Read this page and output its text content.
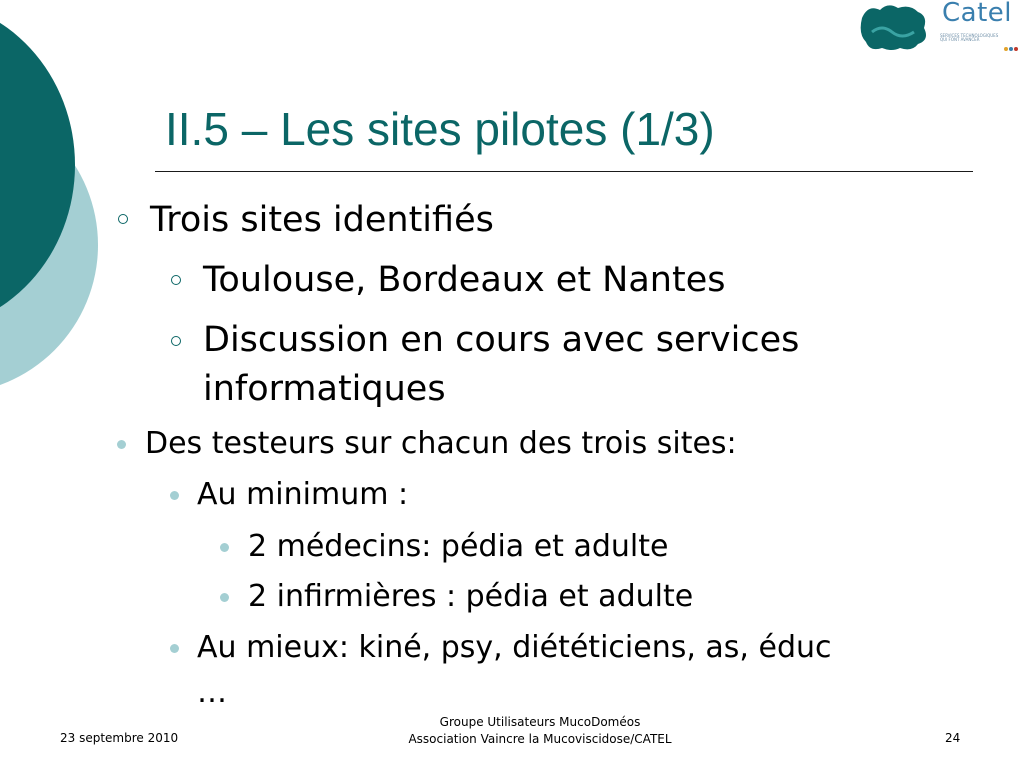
Catel
SERVICES TECHNOLOGIQUES QUI FONT AVANCER
II.5 – Les sites pilotes (1/3)
Trois sites identifiés
Toulouse, Bordeaux et Nantes
Discussion en cours avec services
informatiques
Des testeurs sur chacun des trois sites:
Au minimum :
2 médecins: pédia et adulte
2 infirmières : pédia et adulte
Au mieux: kiné, psy, diététiciens, as, éduc
…
23 septembre 2010
Groupe Utilisateurs MucoDoméos
Association Vaincre la Mucoviscidose/CATEL	24
